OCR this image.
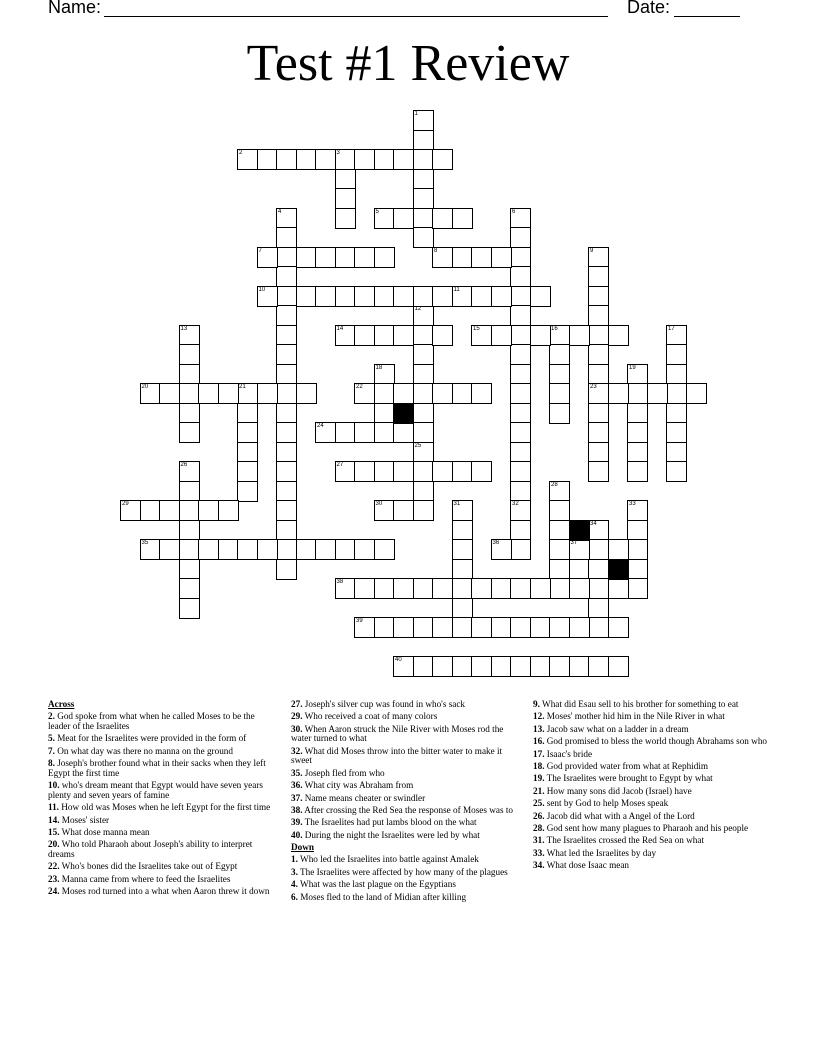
Name:	Date:
Test #1 Review
1
3
4	6
32
9
23
12
25
13	16	17
18	19
21
26
28
31	33
34
2
5
7	8
10	11
14	15
20	22
24
27
29	30
35	36	37
38
39
40
Across
2. God spoke from what when he called Moses to be the leader of the Israelites
5. Meat for the Israelites were provided in the form of
7. On what day was there no manna on the ground
8. Joseph's brother found what in their sacks when they left Egypt the first time
10. who's dream meant that Egypt would have seven years plenty and seven years of famine
11. How old was Moses when he left Egypt for the first time
14. Moses' sister
15. What dose manna mean
20. Who told Pharaoh about Joseph's ability to interpret dreams
22. Who's bones did the Israelites take out of Egypt
23. Manna came from where to feed the Israelites
24. Moses rod turned into a what when Aaron threw it down
27. Joseph's silver cup was found in who's sack
29. Who received a coat of many colors
30. When Aaron struck the Nile River with Moses rod the water turned to what
32. What did Moses throw into the bitter water to make it sweet
35. Joseph fled from who
36. What city was Abraham from
37. Name means cheater or swindler
38. After crossing the Red Sea the response of Moses was to
39. The Israelites had put lambs blood on the what
40. During the night the Israelites were led by what
Down
1. Who led the Israelites into battle against Amalek
3. The Israelites were affected by how many of the plagues
4. What was the last plague on the Egyptians
6. Moses fled to the land of Midian after killing
9. What did Esau sell to his brother for something to eat
12. Moses' mother hid him in the Nile River in what
13. Jacob saw what on a ladder in a dream
16. God promised to bless the world though Abrahams son who
17. Isaac's bride
18. God provided water from what at Rephidim
19. The Israelites were brought to Egypt by what
21. How many sons did Jacob (Israel) have
25. sent by God to help Moses speak
26. Jacob did what with a Angel of the Lord
28. God sent how many plagues to Pharaoh and his people
31. The Israelites crossed the Red Sea on what
33. What led the Israelites by day
34. What dose Isaac mean
